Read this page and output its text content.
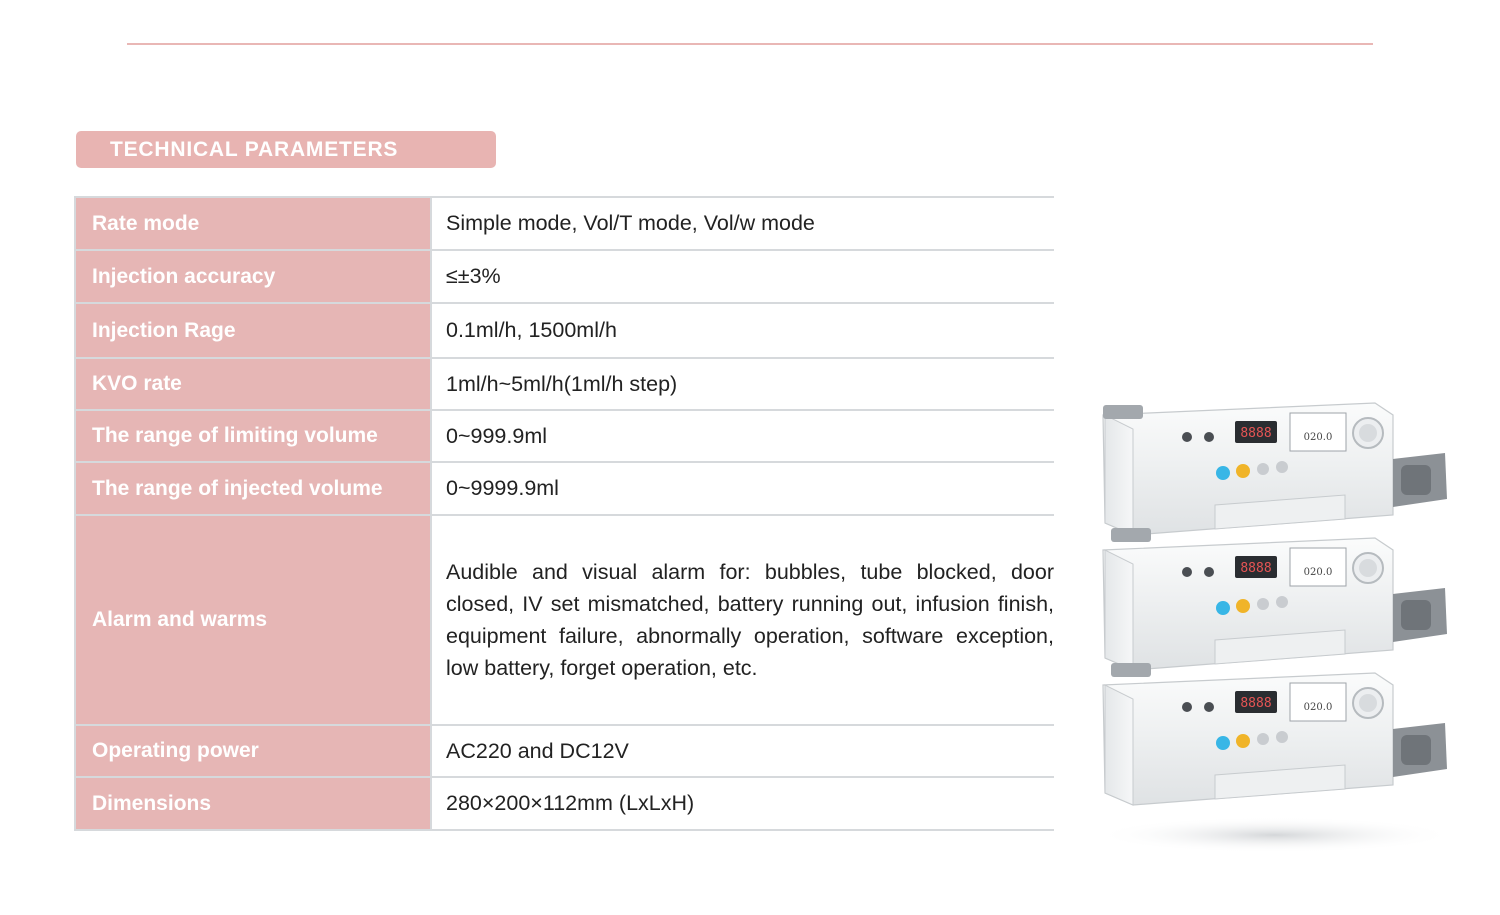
TECHNICAL PARAMETERS
Rate mode	Simple mode, Vol/T mode, Vol/w mode
Injection accuracy	≤±3%
Injection Rage	0.1ml/h, 1500ml/h
KVO rate	1ml/h~5ml/h(1ml/h step)
The range of limiting volume	0~999.9ml
The range of injected volume	0~9999.9ml
Alarm and warms	Audible and visual alarm for: bubbles, tube blocked, door closed, IV set mismatched, battery running out, infusion finish, equipment failure, abnormally operation, software exception, low battery, forget operation, etc.
Operating power	AC220 and DC12V
Dimensions	280×200×112mm (LxLxH)
8888	020.0
8888	020.0
8888	020.0
